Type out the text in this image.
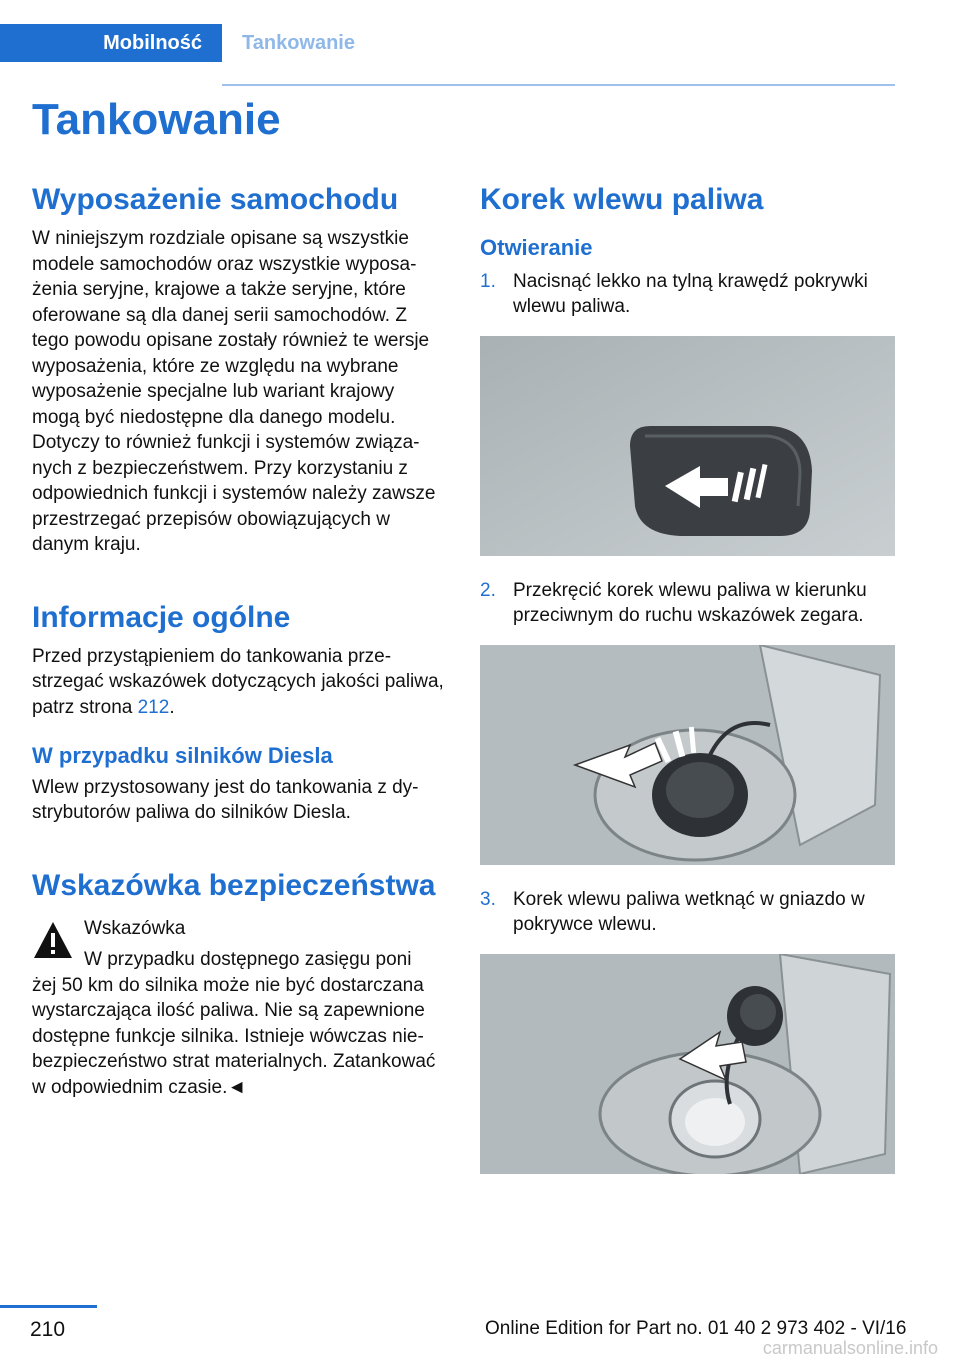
Mobilność	Tankowanie
Tankowanie
Wyposażenie samochodu

W niniejszym rozdziale opisane są wszystkie modele samochodów oraz wszystkie wyposażenia seryjne, krajowe a także seryjne, które oferowane są dla danej serii samochodów. Z tego powodu opisane zostały również te wersje wyposażenia, które ze względu na wybrane wyposażenie specjalne lub wariant krajowy mogą być niedostępne dla danego modelu. Dotyczy to również funkcji i systemów związanych z bezpieczeństwem. Przy korzystaniu z odpowiednich funkcji i systemów należy zawsze przestrzegać przepisów obowiązujących w danym kraju.

Informacje ogólne

Przed przystąpieniem do tankowania przestrzegać wskazówek dotyczących jakości paliwa, patrz strona 212.

W przypadku silników Diesla

Wlew przystosowany jest do tankowania z dystrybutorów paliwa do silników Diesla.

Wskazówka bezpieczeństwa

Wskazówka

W przypadku dostępnego zasięgu poni

żej 50 km do silnika może nie być dostarczana wystarczająca ilość paliwa. Nie są zapewnione dostępne funkcje silnika. Istnieje wówczas niebezpieczeństwo strat materialnych. Zatankować w odpowiednim czasie.◄

Korek wlewu paliwa
Otwieranie
1. Nacisnąć lekko na tylną krawędź pokrywki wlewu paliwa.
2. Przekręcić korek wlewu paliwa w kierunku przeciwnym do ruchu wskazówek zegara.
3. Korek wlewu paliwa wetknąć w gniazdo w pokrywce wlewu.
210	Online Edition for Part no. 01 40 2 973 402 - VI/16
carmanualsonline.info
